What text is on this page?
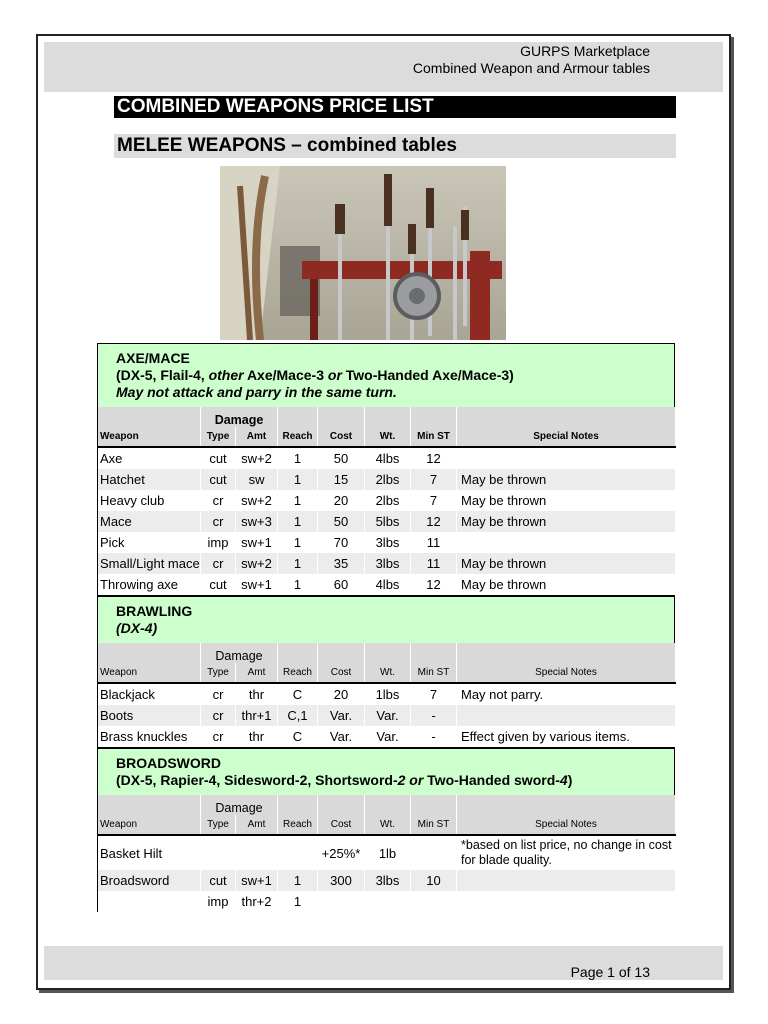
GURPS Marketplace
Combined Weapon and Armour tables
COMBINED WEAPONS PRICE LIST
MELEE WEAPONS – combined tables
AXE/MACE
(DX-5, Flail-4, other Axe/Mace-3 or Two-Handed Axe/Mace-3)
May not attack and parry in the same turn.
	Damage						
Weapon	Type	Amt	Reach	Cost	Wt.	Min ST	Special Notes
Axe	cut	sw+2	1	50	4lbs	12	
Hatchet	cut	sw	1	15	2lbs	7	May be thrown
Heavy club	cr	sw+2	1	20	2lbs	7	May be thrown
Mace	cr	sw+3	1	50	5lbs	12	May be thrown
Pick	imp	sw+1	1	70	3lbs	11	
Small/Light mace	cr	sw+2	1	35	3lbs	11	May be thrown
Throwing axe	cut	sw+1	1	60	4lbs	12	May be thrown
BRAWLING
(DX-4)
	Damage						
Weapon	Type	Amt	Reach	Cost	Wt.	Min ST	Special Notes
Blackjack	cr	thr	C	20	1lbs	7	May not parry.
Boots	cr	thr+1	C,1	Var.	Var.	-	
Brass knuckles	cr	thr	C	Var.	Var.	-	Effect given by various items.
BROADSWORD
(DX-5, Rapier-4, Sidesword-2, Shortsword-2 or Two-Handed sword-4)
	Damage						
Weapon	Type	Amt	Reach	Cost	Wt.	Min ST	Special Notes
Basket Hilt				+25%*	1lb		*based on list price, no change in cost for blade quality.
Broadsword	cut	sw+1	1	300	3lbs	10	
	imp	thr+2	1				
Page 1 of 13
